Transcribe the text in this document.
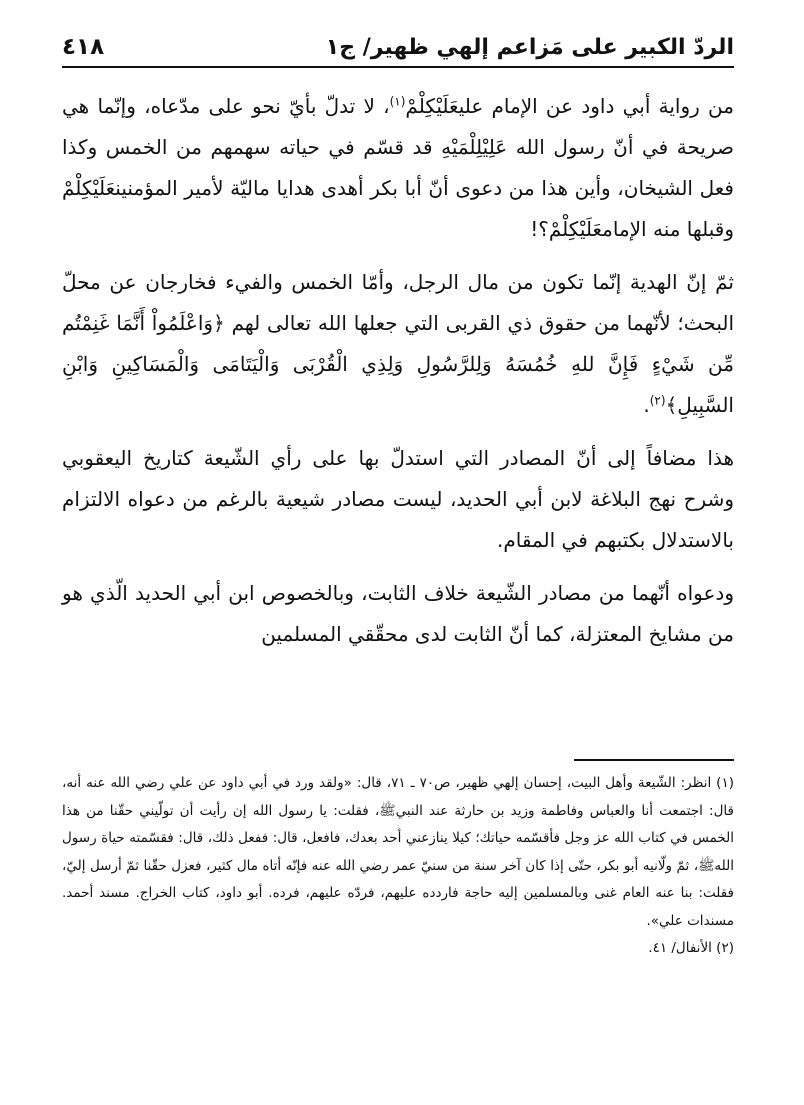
الردّ الكبير على مَزاعم إلهي ظهير/ ج١
٤١٨

من رواية أبي داود عن الإمام عليعَلَيْكِلْمْ$^{(١)}$، لا تدلّ بأيّ نحو على مدّعاه، وإنّما هي صريحة في أنّ رسول الله عَلِيْلِلْمَيْهِ قد قسّم في حياته سهمهم من الخمس وكذا فعل الشيخان، وأين هذا من دعوى أنّ أبا بكر أهدى هدايا ماليّة لأمير المؤمنينعَلَيْكِلْمْ وقبلها منه الإمامعَلَيْكِلْمْ؟!

ثمّ إنّ الهدية إنّما تكون من مال الرجل، وأمّا الخمس والفيء فخارجان عن محلّ البحث؛ لأنّهما من حقوق ذي القربى التي جعلها الله تعالى لهم ﴿وَاعْلَمُواْ أَنَّمَا غَنِمْتُم مِّن شَيْءٍ فَإِنَّ للهِ خُمُسَهُ وَلِلرَّسُولِ وَلِذِي الْقُرْبَى وَالْيَتَامَى وَالْمَسَاكِينِ وَابْنِ السَّبِيلِ﴾$^{(٢)}$.

هذا مضافاً إلى أنّ المصادر التي استدلّ بها على رأي الشّيعة كتاريخ اليعقوبي وشرح نهج البلاغة لابن أبي الحديد، ليست مصادر شيعية بالرغم من دعواه الالتزام بالاستدلال بكتبهم في المقام.

ودعواه أنّهما من مصادر الشّيعة خلاف الثابت، وبالخصوص ابن أبي الحديد الّذي هو من مشايخ المعتزلة، كما أنّ الثابت لدى محقّقي المسلمين

(١) انظر: الشّيعة وأهل البيت، إحسان إلهي ظهير، ص٧٠ ـ ٧١، قال: «ولقد ورد في أبي داود عن علي رضي الله عنه أنه، قال: اجتمعت أنا والعباس وفاطمة وزيد بن حارثة عند النبيﷺ، فقلت: يا رسول الله إن رأيت أن تولّيني حقّنا من هذا الخمس في كتاب الله عز وجل فأقسّمه حياتك؛ كيلا ينازعني أحد بعدك، فافعل، قال: ففعل ذلك، قال: فقسّمته حياة رسول اللهﷺ، ثمّ ولّانيه أبو بكر، حتّى إذا كان آخر سنة من سنيّ عمر رضي الله عنه فإنّه أتاه مال كثير، فعزل حقّنا ثمّ أرسل إليّ، فقلت: بنا عنه العام غنى وبالمسلمين إليه حاجة فاردده عليهم، فردّه عليهم، فرده. أبو داود، كتاب الخراج. مسند أحمد. مسندات علي».

(٢) الأنفال/ ٤١.
